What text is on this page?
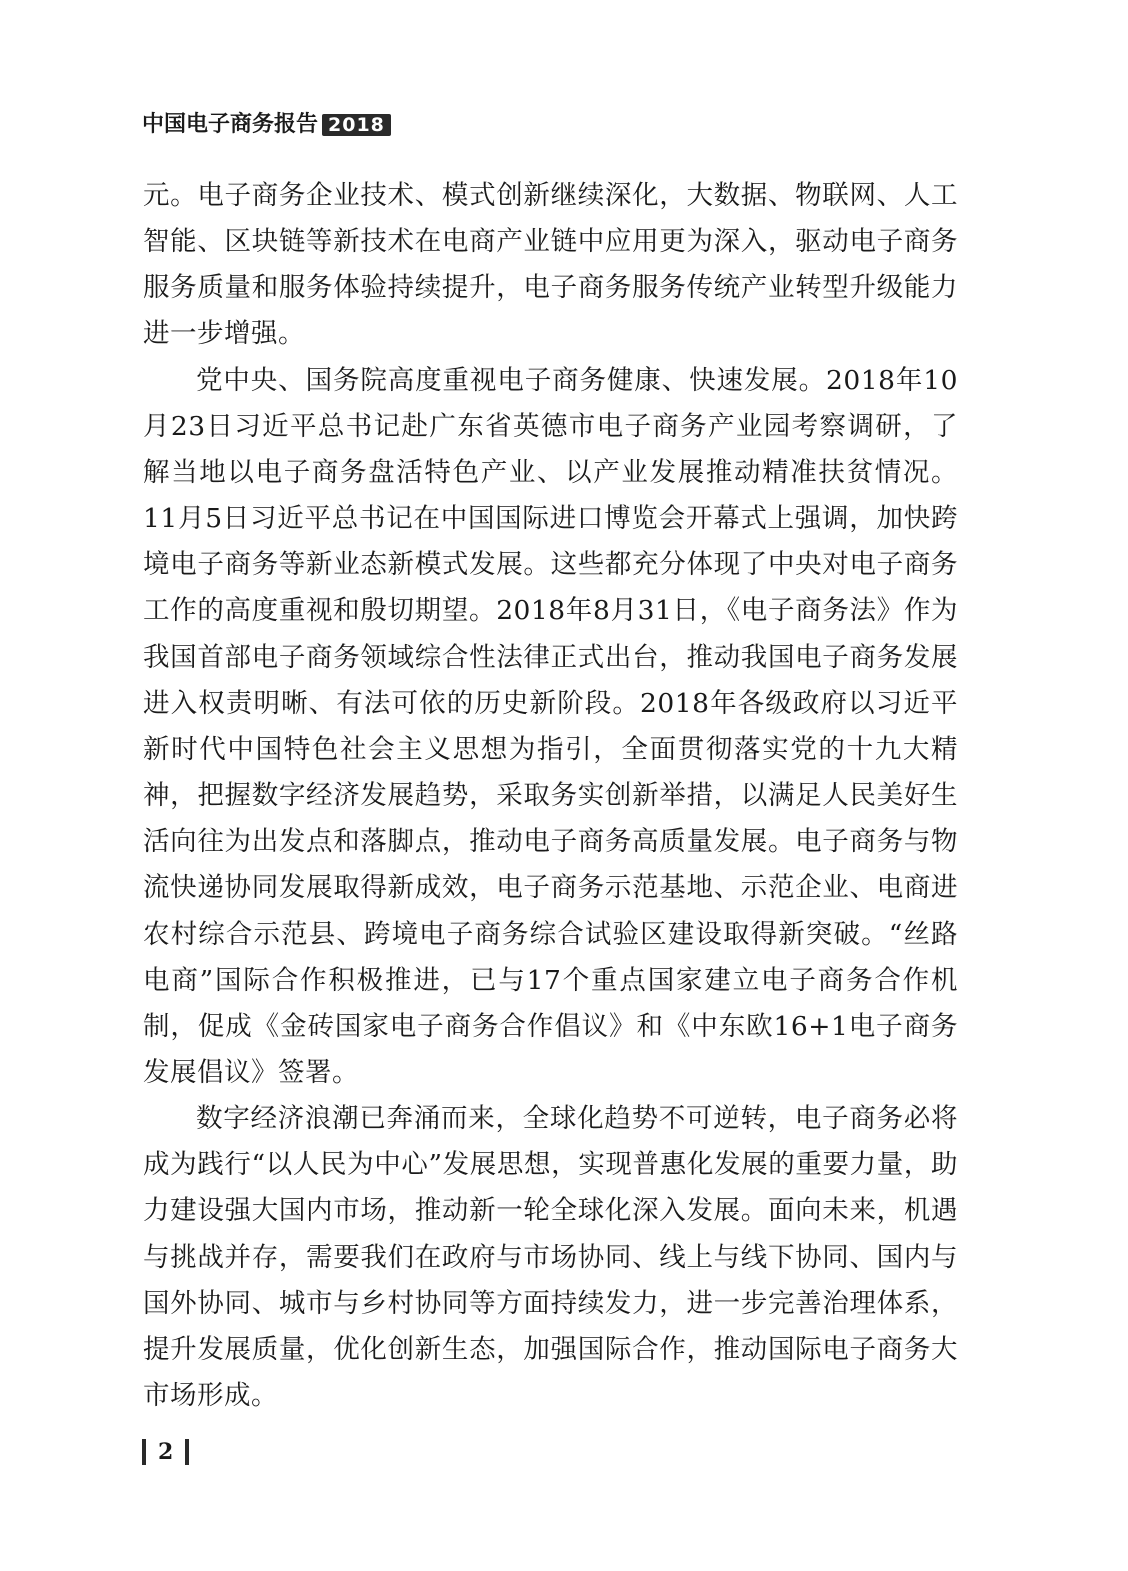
中国电子商务报告 2018

元。电子商务企业技术、模式创新继续深化，大数据、物联网、人工智能、区块链等新技术在电商产业链中应用更为深入，驱动电子商务服务质量和服务体验持续提升，电子商务服务传统产业转型升级能力进一步增强。

党中央、国务院高度重视电子商务健康、快速发展。2018年10月23日习近平总书记赴广东省英德市电子商务产业园考察调研，了解当地以电子商务盘活特色产业、以产业发展推动精准扶贫情况。11月5日习近平总书记在中国国际进口博览会开幕式上强调，加快跨境电子商务等新业态新模式发展。这些都充分体现了中央对电子商务工作的高度重视和殷切期望。2018年8月31日，《电子商务法》作为我国首部电子商务领域综合性法律正式出台，推动我国电子商务发展进入权责明晰、有法可依的历史新阶段。2018年各级政府以习近平新时代中国特色社会主义思想为指引，全面贯彻落实党的十九大精神，把握数字经济发展趋势，采取务实创新举措，以满足人民美好生活向往为出发点和落脚点，推动电子商务高质量发展。电子商务与物流快递协同发展取得新成效，电子商务示范基地、示范企业、电商进农村综合示范县、跨境电子商务综合试验区建设取得新突破。“丝路电商”国际合作积极推进，已与17个重点国家建立电子商务合作机制，促成《金砖国家电子商务合作倡议》和《中东欧16+1电子商务发展倡议》签署。

数字经济浪潮已奔涌而来，全球化趋势不可逆转，电子商务必将成为践行“以人民为中心”发展思想，实现普惠化发展的重要力量，助力建设强大国内市场，推动新一轮全球化深入发展。面向未来，机遇与挑战并存，需要我们在政府与市场协同、线上与线下协同、国内与国外协同、城市与乡村协同等方面持续发力，进一步完善治理体系，提升发展质量，优化创新生态，加强国际合作，推动国际电子商务大市场形成。

2
